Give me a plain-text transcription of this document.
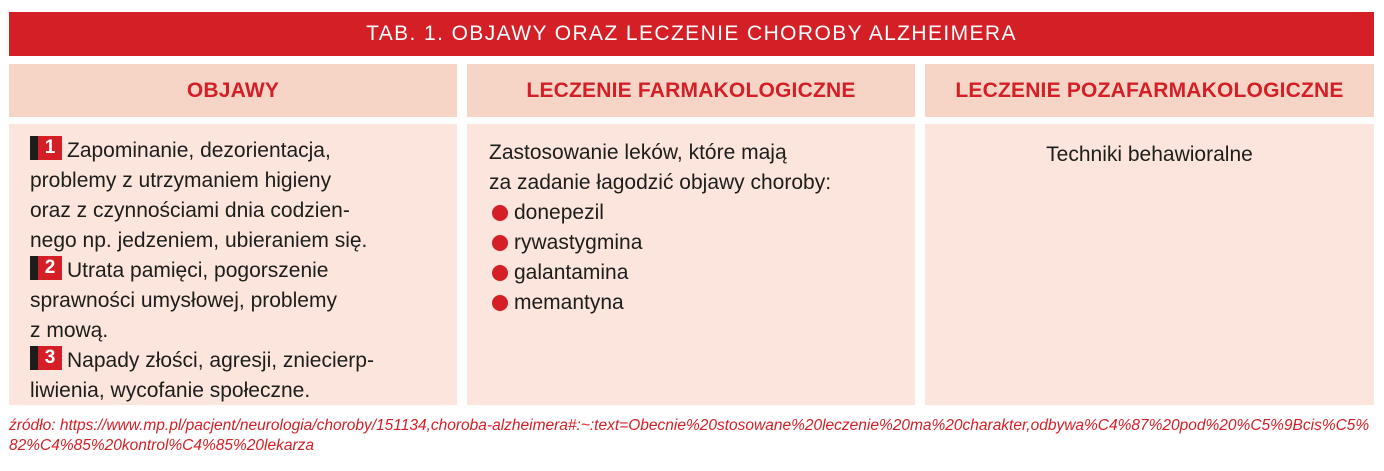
TAB. 1. OBJAWY ORAZ LECZENIE CHOROBY ALZHEIMERA
OBJAWY	LECZENIE FARMAKOLOGICZNE	LECZENIE POZAFARMAKOLOGICZNE
1 Zapominanie, dezorientacja,
problemy z utrzymaniem higieny
oraz z czynnościami dnia codzien-
nego np. jedzeniem, ubieraniem się.
2 Utrata pamięci, pogorszenie
sprawności umysłowej, problemy
z mową.
3 Napady złości, agresji, zniecierp-
liwienia, wycofanie społeczne.
Zastosowanie leków, które mają
za zadanie łagodzić objawy choroby:
donepezil
rywastygmina
galantamina
memantyna
Techniki behawioralne
źródło: https://www.mp.pl/pacjent/neurologia/choroby/151134,choroba-alzheimera#:~:text=Obecnie%20stosowane%20leczenie%20ma%20charakter,odbywa%C4%87%20pod%20%C5%9Bcis%C5%82%C4%85%20kontrol%C4%85%20lekarza
